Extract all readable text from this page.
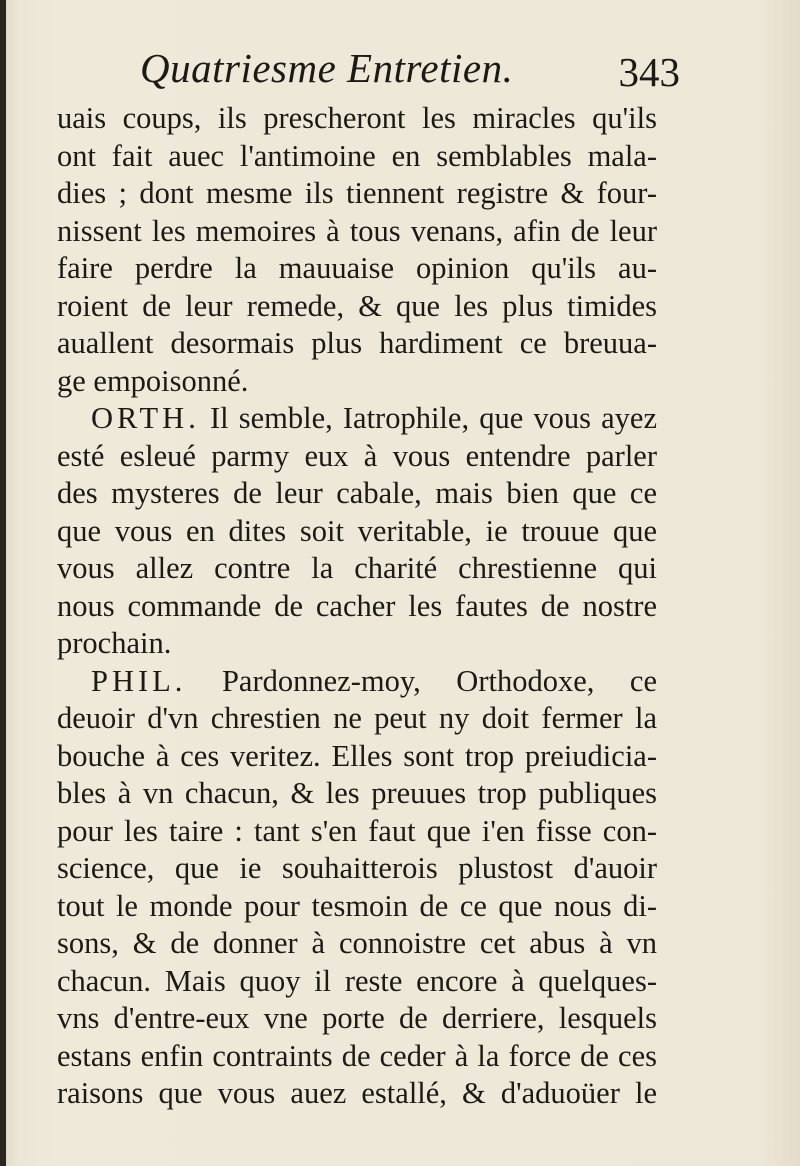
Quatriesme Entretien.	343
uais coups, ils prescheront les miracles qu'ils
ont fait auec l'antimoine en semblables mala-
dies ; dont mesme ils tiennent registre & four-
nissent les memoires à tous venans, afin de leur
faire perdre la mauuaise opinion qu'ils au-
roient de leur remede, & que les plus timides
auallent desormais plus hardiment ce breuua-
ge empoisonné.
ORTH. Il semble, Iatrophile, que vous ayez
esté esleué parmy eux à vous entendre parler
des mysteres de leur cabale, mais bien que ce
que vous en dites soit veritable, ie trouue que
vous allez contre la charité chrestienne qui
nous commande de cacher les fautes de nostre
prochain.
PHIL. Pardonnez-moy, Orthodoxe, ce
deuoir d'vn chrestien ne peut ny doit fermer la
bouche à ces veritez. Elles sont trop preiudicia-
bles à vn chacun, & les preuues trop publiques
pour les taire : tant s'en faut que i'en fisse con-
science, que ie souhaitterois plustost d'auoir
tout le monde pour tesmoin de ce que nous di-
sons, & de donner à connoistre cet abus à vn
chacun. Mais quoy il reste encore à quelques-
vns d'entre-eux vne porte de derriere, lesquels
estans enfin contraints de ceder à la force de ces
raisons que vous auez estallé, & d'aduoüer le
